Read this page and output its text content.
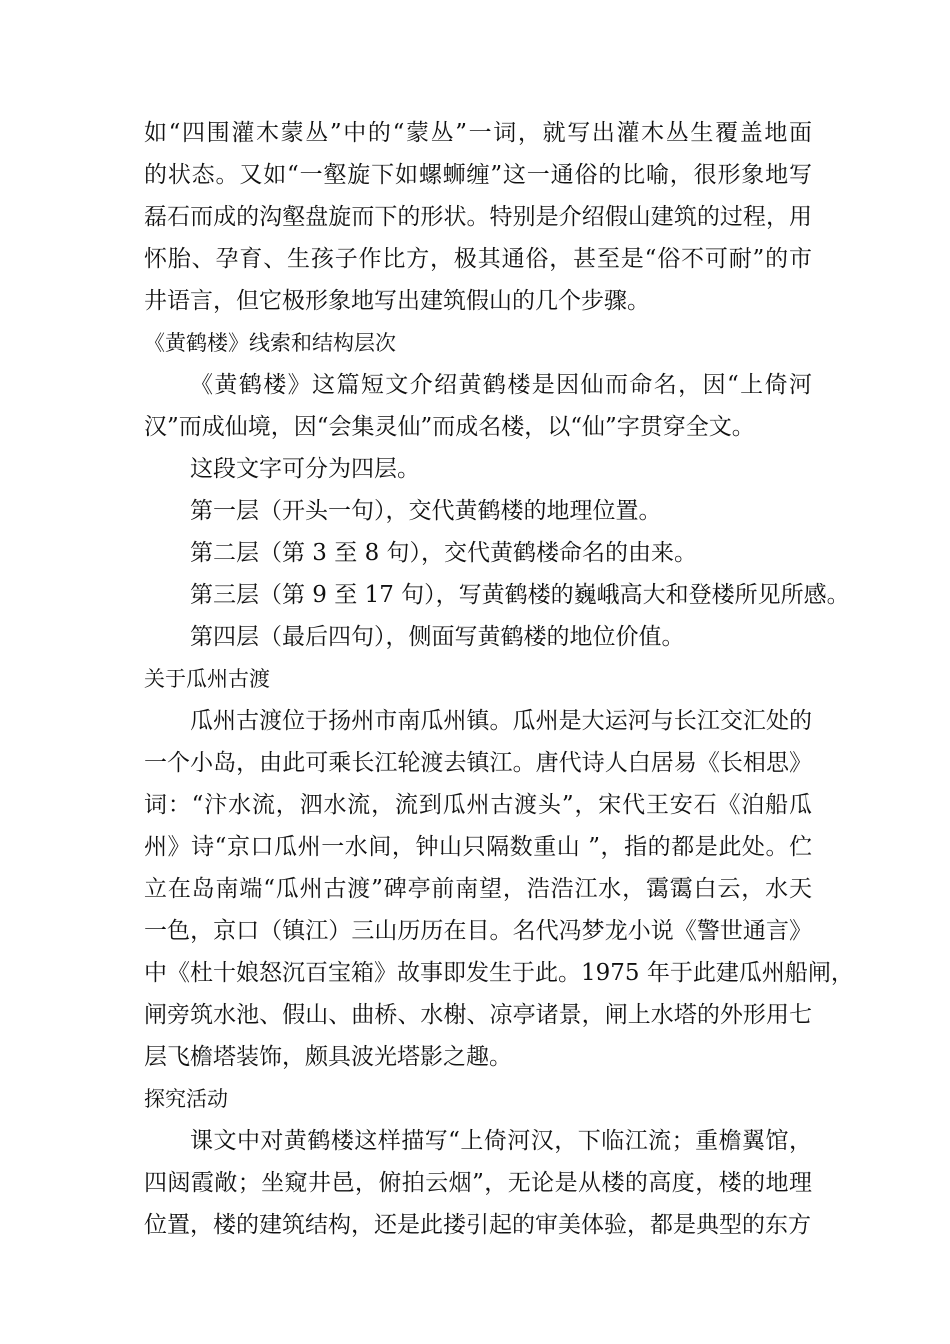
如“四围灌木蒙丛”中的“蒙丛”一词，就写出灌木丛生覆盖地面
的状态。又如“一壑旋下如螺蛳缠”这一通俗的比喻，很形象地写
磊石而成的沟壑盘旋而下的形状。特别是介绍假山建筑的过程，用
怀胎、孕育、生孩子作比方，极其通俗，甚至是“俗不可耐”的市
井语言，但它极形象地写出建筑假山的几个步骤。
《黄鹤楼》线索和结构层次
《黄鹤楼》这篇短文介绍黄鹤楼是因仙而命名，因“上倚河
汉”而成仙境，因“会集灵仙”而成名楼，以“仙”字贯穿全文。
这段文字可分为四层。
第一层（开头一句），交代黄鹤楼的地理位置。
第二层（第 3 至 8 句），交代黄鹤楼命名的由来。
第三层（第 9 至 17 句），写黄鹤楼的巍峨高大和登楼所见所感。
第四层（最后四句），侧面写黄鹤楼的地位价值。
关于瓜州古渡
瓜州古渡位于扬州市南瓜州镇。瓜州是大运河与长江交汇处的
一个小岛，由此可乘长江轮渡去镇江。唐代诗人白居易《长相思》
词：“汴水流，泗水流，流到瓜州古渡头”，宋代王安石《泊船瓜
州》诗“京口瓜州一水间，钟山只隔数重山 ”，指的都是此处。伫
立在岛南端“瓜州古渡”碑亭前南望，浩浩江水，霭霭白云，水天
一色，京口（镇江）三山历历在目。名代冯梦龙小说《警世通言》
中《杜十娘怒沉百宝箱》故事即发生于此。1975 年于此建瓜州船闸，
闸旁筑水池、假山、曲桥、水榭、凉亭诸景，闸上水塔的外形用七
层飞檐塔装饰，颇具波光塔影之趣。
探究活动
课文中对黄鹤楼这样描写“上倚河汉，下临江流；重檐翼馆，
四闼霞敞；坐窥井邑，俯拍云烟”，无论是从楼的高度，楼的地理
位置，楼的建筑结构，还是此搂引起的审美体验，都是典型的东方
